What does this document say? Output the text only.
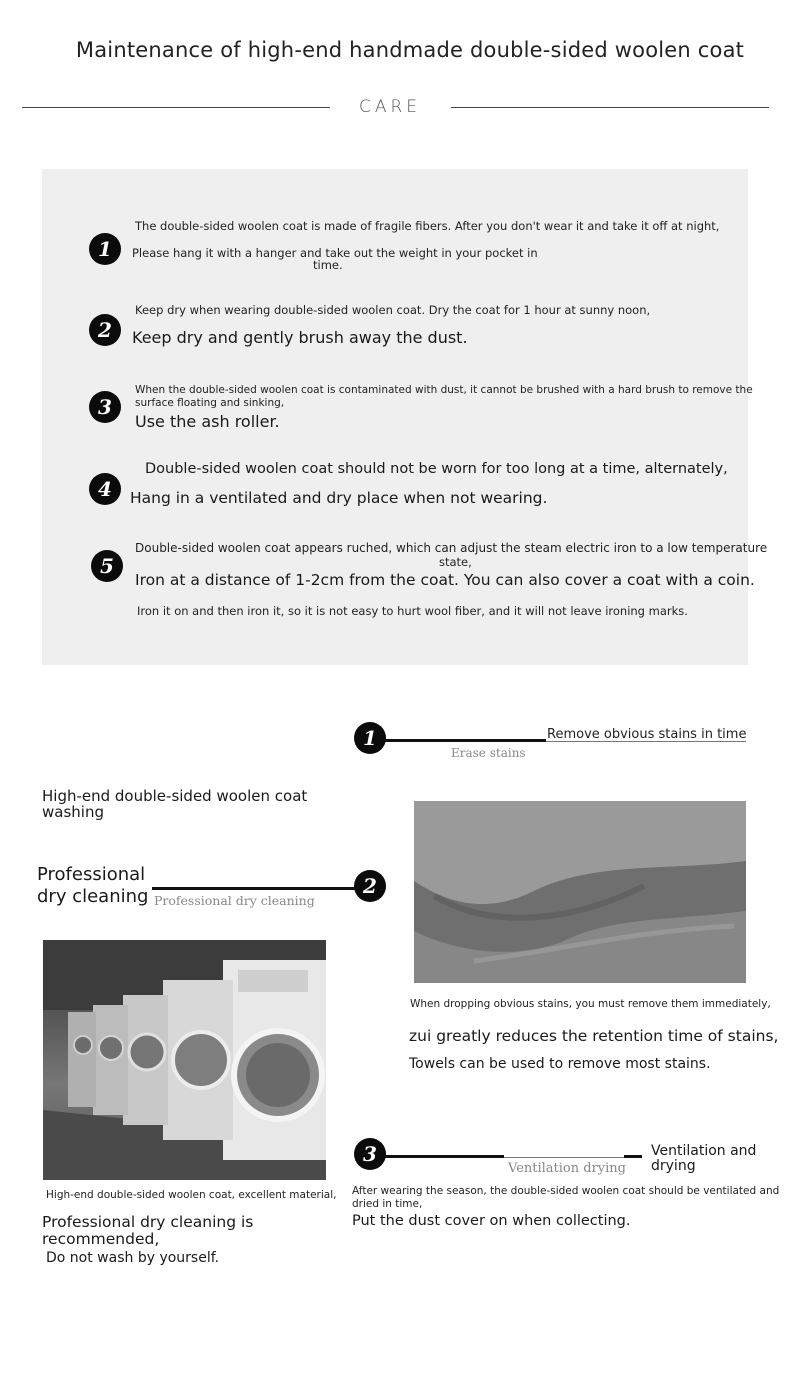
Maintenance of high-end handmade double-sided woolen coat
CARE
1
The double-sided woolen coat is made of fragile fibers. After you don't wear it and take it off at night,
Please hang it with a hanger and take out the weight in your pocket in
time.
2
Keep dry when wearing double-sided woolen coat. Dry the coat for 1 hour at sunny noon,
Keep dry and gently brush away the dust.
3
When the double-sided woolen coat is contaminated with dust, it cannot be brushed with a hard brush to remove the surface floating and sinking,
Use the ash roller.
4
Double-sided woolen coat should not be worn for too long at a time, alternately,
Hang in a ventilated and dry place when not wearing.
5
Double-sided woolen coat appears ruched, which can adjust the steam electric iron to a low temperature
state,
Iron at a distance of 1-2cm from the coat. You can also cover a coat with a coin.
Iron it on and then iron it, so it is not easy to hurt wool fiber, and it will not leave ironing marks.
1	Remove obvious stains in time
Erase stains
High-end double-sided woolen coat washing
When dropping obvious stains, you must remove them immediately,
zui greatly reduces the retention time of stains,
Towels can be used to remove most stains.
Professional
dry cleaning	2
Professional dry cleaning
High-end double-sided woolen coat, excellent material,
Professional dry cleaning is recommended,
Do not wash by yourself.
3
Ventilation drying
Ventilation and drying
After wearing the season, the double-sided woolen coat should be ventilated and dried in time,
Put the dust cover on when collecting.
